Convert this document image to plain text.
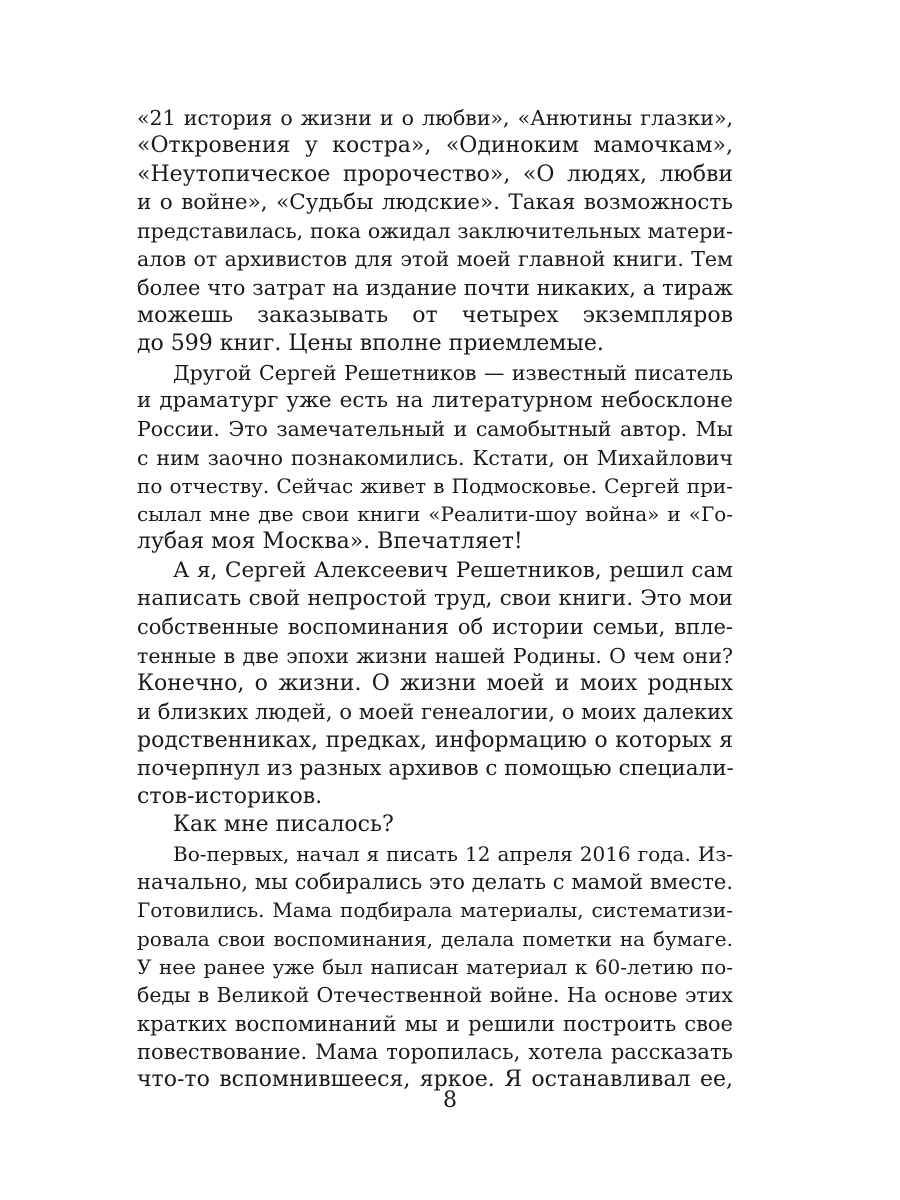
«21 история о жизни и о любви», «Анютины глазки»,
«Откровения у костра», «Одиноким мамочкам»,
«Неутопическое пророчество», «О людях, любви
и о войне», «Судьбы людские». Такая возможность
представилась, пока ожидал заключительных матери-
алов от архивистов для этой моей главной книги. Тем
более что затрат на издание почти никаких, а тираж
можешь заказывать от четырех экземпляров
до 599 книг. Цены вполне приемлемые.
Другой Сергей Решетников — известный писатель
и драматург уже есть на литературном небосклоне
России. Это замечательный и самобытный автор. Мы
с ним заочно познакомились. Кстати, он Михайлович
по отчеству. Сейчас живет в Подмосковье. Сергей при-
сылал мне две свои книги «Реалити-шоу война» и «Го-
лубая моя Москва». Впечатляет!
А я, Сергей Алексеевич Решетников, решил сам
написать свой непростой труд, свои книги. Это мои
собственные воспоминания об истории семьи, впле-
тенные в две эпохи жизни нашей Родины. О чем они?
Конечно, о жизни. О жизни моей и моих родных
и близких людей, о моей генеалогии, о моих далеких
родственниках, предках, информацию о которых я
почерпнул из разных архивов с помощью специали-
стов-историков.
Как мне писалось?
Во-первых, начал я писать 12 апреля 2016 года. Из-
начально, мы собирались это делать с мамой вместе.
Готовились. Мама подбирала материалы, систематизи-
ровала свои воспоминания, делала пометки на бумаге.
У нее ранее уже был написан материал к 60-летию по-
беды в Великой Отечественной войне. На основе этих
кратких воспоминаний мы и решили построить свое
повествование. Мама торопилась, хотела рассказать
что-то вспомнившееся, яркое. Я останавливал ее,
8
